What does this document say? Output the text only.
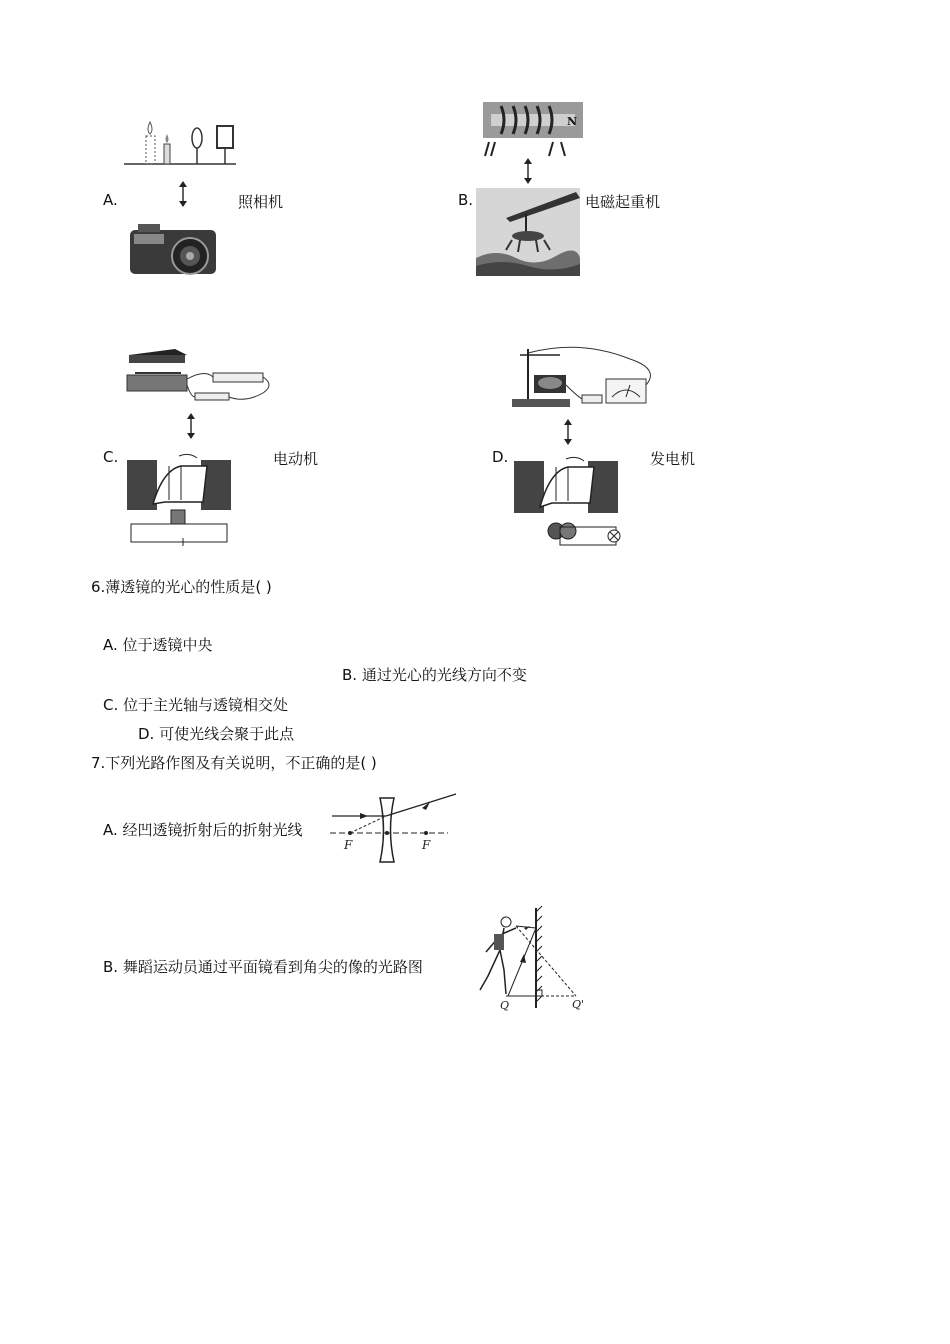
A.	照相机	B.	电磁起重机
N
C.	电动机	D.	发电机
6.薄透镜的光心的性质是( )
A. 位于透镜中央
B. 通过光心的光线方向不变
C. 位于主光轴与透镜相交处
D. 可使光线会聚于此点
7.下列光路作图及有关说明，不正确的是( )
A. 经凹透镜折射后的折射光线
F	F
B. 舞蹈运动员通过平面镜看到角尖的像的光路图
Q	Q'
